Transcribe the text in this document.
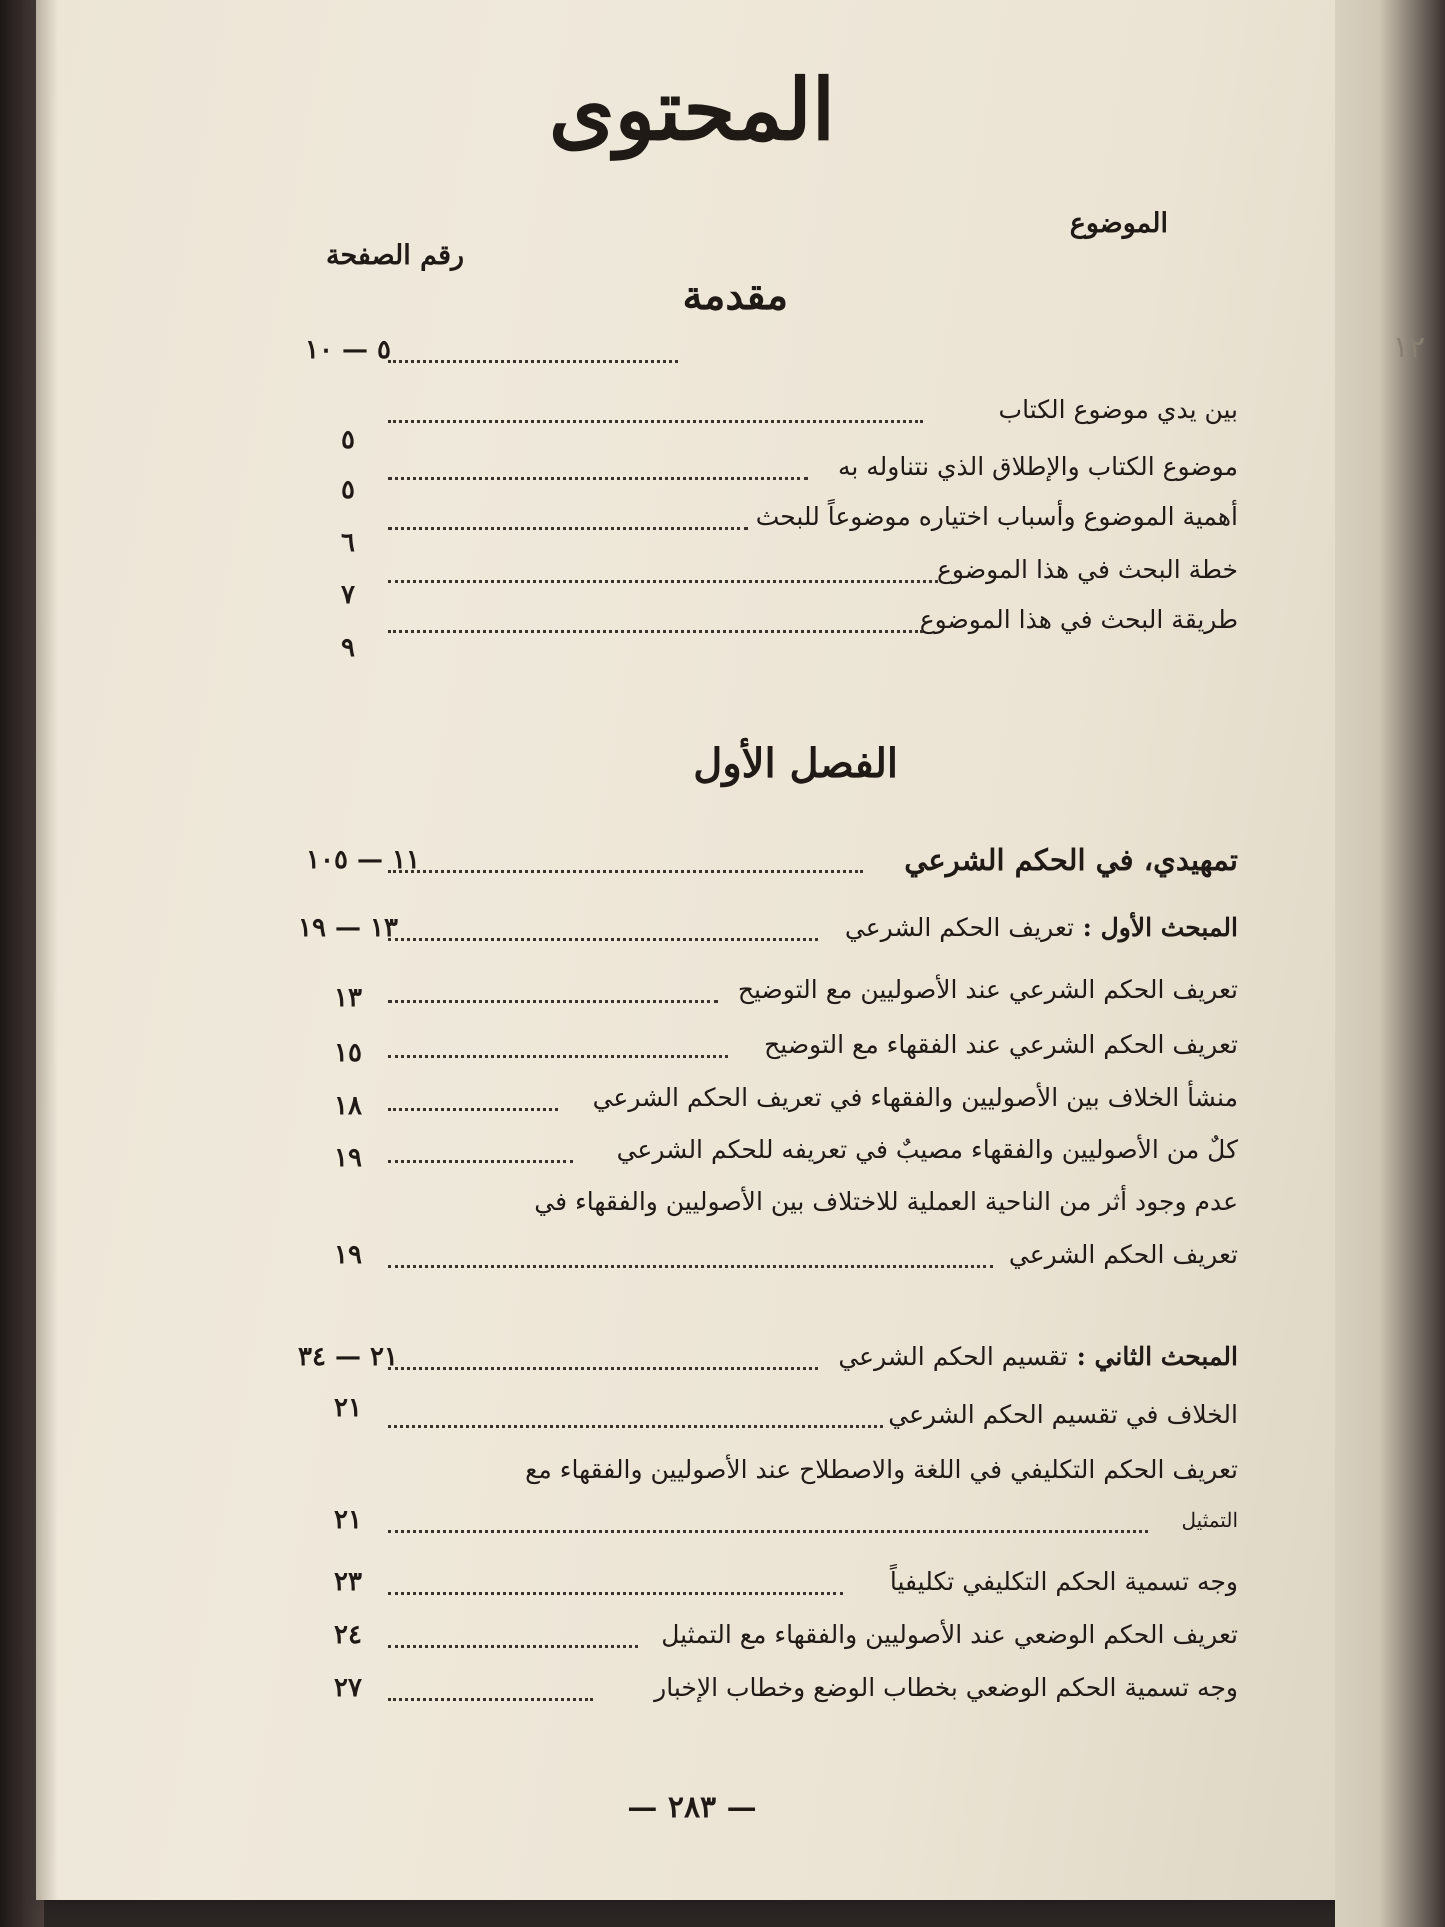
المحتوى
الموضوع
رقم الصفحة
مقدمة
٥ — ١٠
بين يدي موضوع الكتاب
٥
موضوع الكتاب والإطلاق الذي نتناوله به
٥
أهمية الموضوع وأسباب اختياره موضوعاً للبحث
٦
خطة البحث في هذا الموضوع
٧
طريقة البحث في هذا الموضوع
٩
الفصل الأول
تمهيدي، في الحكم الشرعي
١١ — ١٠٥
المبحث الأول : تعريف الحكم الشرعي
١٣ — ١٩
تعريف الحكم الشرعي عند الأصوليين مع التوضيح
١٣
تعريف الحكم الشرعي عند الفقهاء مع التوضيح
١٥
منشأ الخلاف بين الأصوليين والفقهاء في تعريف الحكم الشرعي
١٨
كلٌ من الأصوليين والفقهاء مصيبٌ في تعريفه للحكم الشرعي
١٩
عدم وجود أثر من الناحية العملية للاختلاف بين الأصوليين والفقهاء في
تعريف الحكم الشرعي
١٩
المبحث الثاني : تقسيم الحكم الشرعي
٢١ — ٣٤
الخلاف في تقسيم الحكم الشرعي
٢١
تعريف الحكم التكليفي في اللغة والاصطلاح عند الأصوليين والفقهاء مع
التمثيل
٢١
وجه تسمية الحكم التكليفي تكليفياً
٢٣
تعريف الحكم الوضعي عند الأصوليين والفقهاء مع التمثيل
٢٤
وجه تسمية الحكم الوضعي بخطاب الوضع وخطاب الإخبار
٢٧
— ٢٨٣ —
١٢
